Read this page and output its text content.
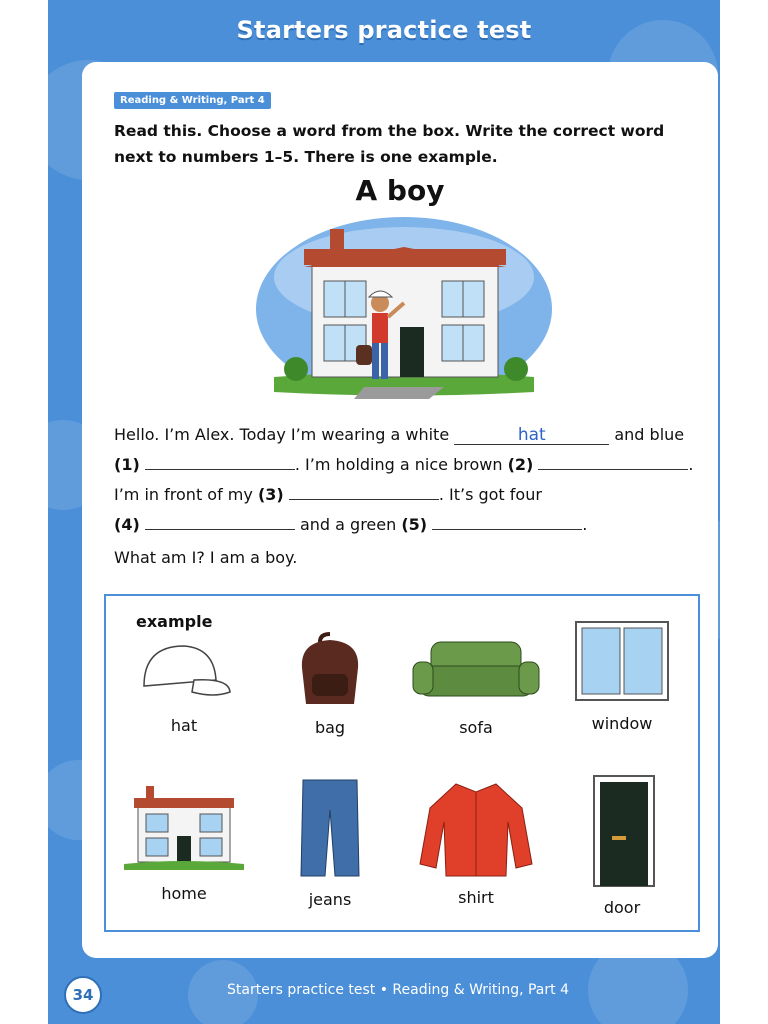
Starters practice test
Reading & Writing, Part 4
Read this. Choose a word from the box. Write the correct word next to numbers 1–5. There is one example.
A boy
Hello. I’m Alex. Today I’m wearing a white	hat	and blue
(1)	. I’m holding a nice brown (2)	.
I’m in front of my (3)	. It’s got four
(4)	and a green (5)	.
What am I? I am a boy.
example
hat	bag	sofa	window
home	jeans	shirt
door
34	Starters practice test • Reading & Writing, Part 4
